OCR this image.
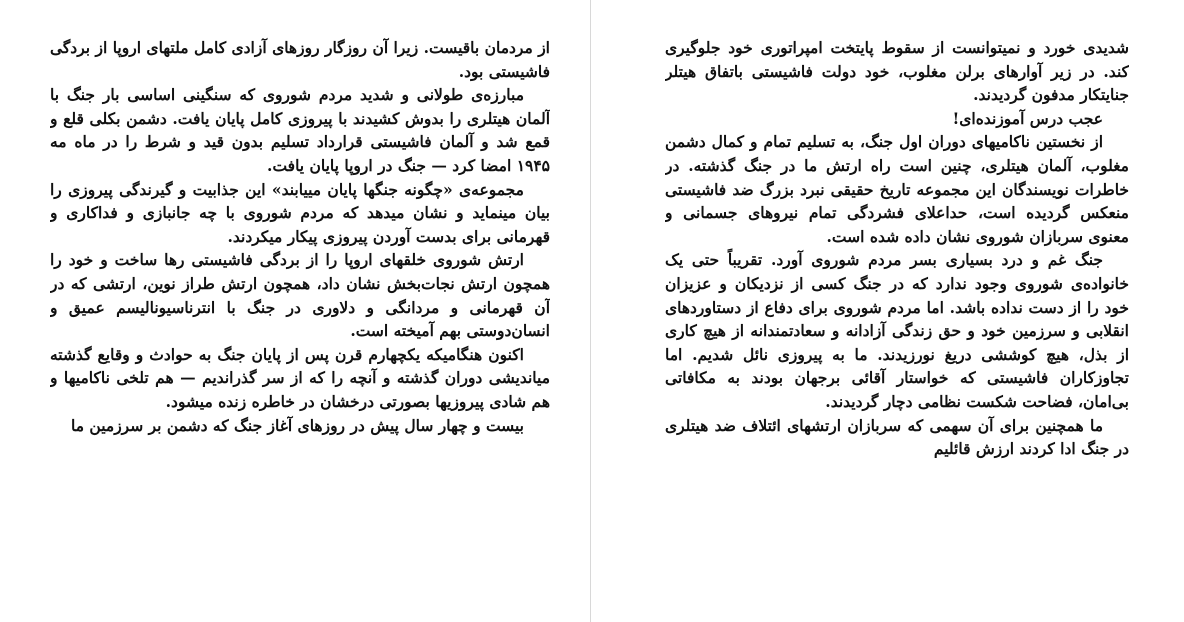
از مردمان باقیست. زیرا آن روزگار روزهای آزادی کامل ملتهای اروپا از بردگی فاشیستی بود.

مبارزه‌ی طولانی و شدید مردم شوروی که سنگینی اساسی بار جنگ با آلمان هیتلری را بدوش کشیدند با پیروزی کامل پایان یافت. دشمن بکلی قلع و قمع شد و آلمان فاشیستی قرارداد تسلیم بدون قید و شرط را در ماه مه ۱۹۴۵ امضا کرد — جنگ در اروپا پایان یافت.

مجموعه‌ی «چگونه جنگها پایان مییابند» این جذابیت و گیرندگی پیروزی را بیان مینماید و نشان میدهد که مردم شوروی با چه جانبازی و فداکاری و قهرمانی برای بدست آوردن پیروزی پیکار میکردند.

ارتش شوروی خلقهای اروپا را از بردگی فاشیستی رها ساخت و خود را همچون ارتش نجات‌بخش نشان داد، همچون ارتش طراز نوین، ارتشی که در آن قهرمانی و مردانگی و دلاوری در جنگ با انترناسیونالیسم عمیق و انسان‌دوستی بهم آمیخته است.

اکنون هنگامیکه یکچهارم قرن پس از پایان جنگ به حوادث و وقایع گذشته میاندیشی دوران گذشته و آنچه را که از سر گذراندیم — هم تلخی ناکامیها و هم شادی پیروزیها بصورتی درخشان در خاطره زنده میشود.

بیست و چهار سال پیش در روزهای آغاز جنگ که دشمن بر سرزمین ما

شدیدی خورد و نمیتوانست از سقوط پایتخت امپراتوری خود جلوگیری کند. در زیر آوارهای برلن مغلوب، خود دولت فاشیستی باتفاق هیتلر جنایتکار مدفون گردیدند.

عجب درس آموزنده‌ای!

از نخستین ناکامیهای دوران اول جنگ، به تسلیم تمام و کمال دشمن مغلوب، آلمان هیتلری، چنین است راه ارتش ما در جنگ گذشته. در خاطرات نویسندگان این مجموعه تاریخ حقیقی نبرد بزرگ ضد فاشیستی منعکس گردیده است، حداعلای فشردگی تمام نیروهای جسمانی و معنوی سربازان شوروی نشان داده شده است.

جنگ غم و درد بسیاری بسر مردم شوروی آورد. تقریباً حتی یک خانواده‌ی شوروی وجود ندارد که در جنگ کسی از نزدیکان و عزیزان خود را از دست نداده باشد. اما مردم شوروی برای دفاع از دستاوردهای انقلابی و سرزمین خود و حق زندگی آزادانه و سعادتمندانه از هیچ کاری از بذل، هیچ کوششی دریغ نورزیدند. ما به پیروزی نائل شدیم. اما تجاوزکاران فاشیستی که خواستار آقائی برجهان بودند به مکافاتی بی‌امان، فضاحت شکست نظامی دچار گردیدند.

ما همچنین برای آن سهمی که سربازان ارتشهای ائتلاف ضد هیتلری در جنگ ادا کردند ارزش قائلیم
